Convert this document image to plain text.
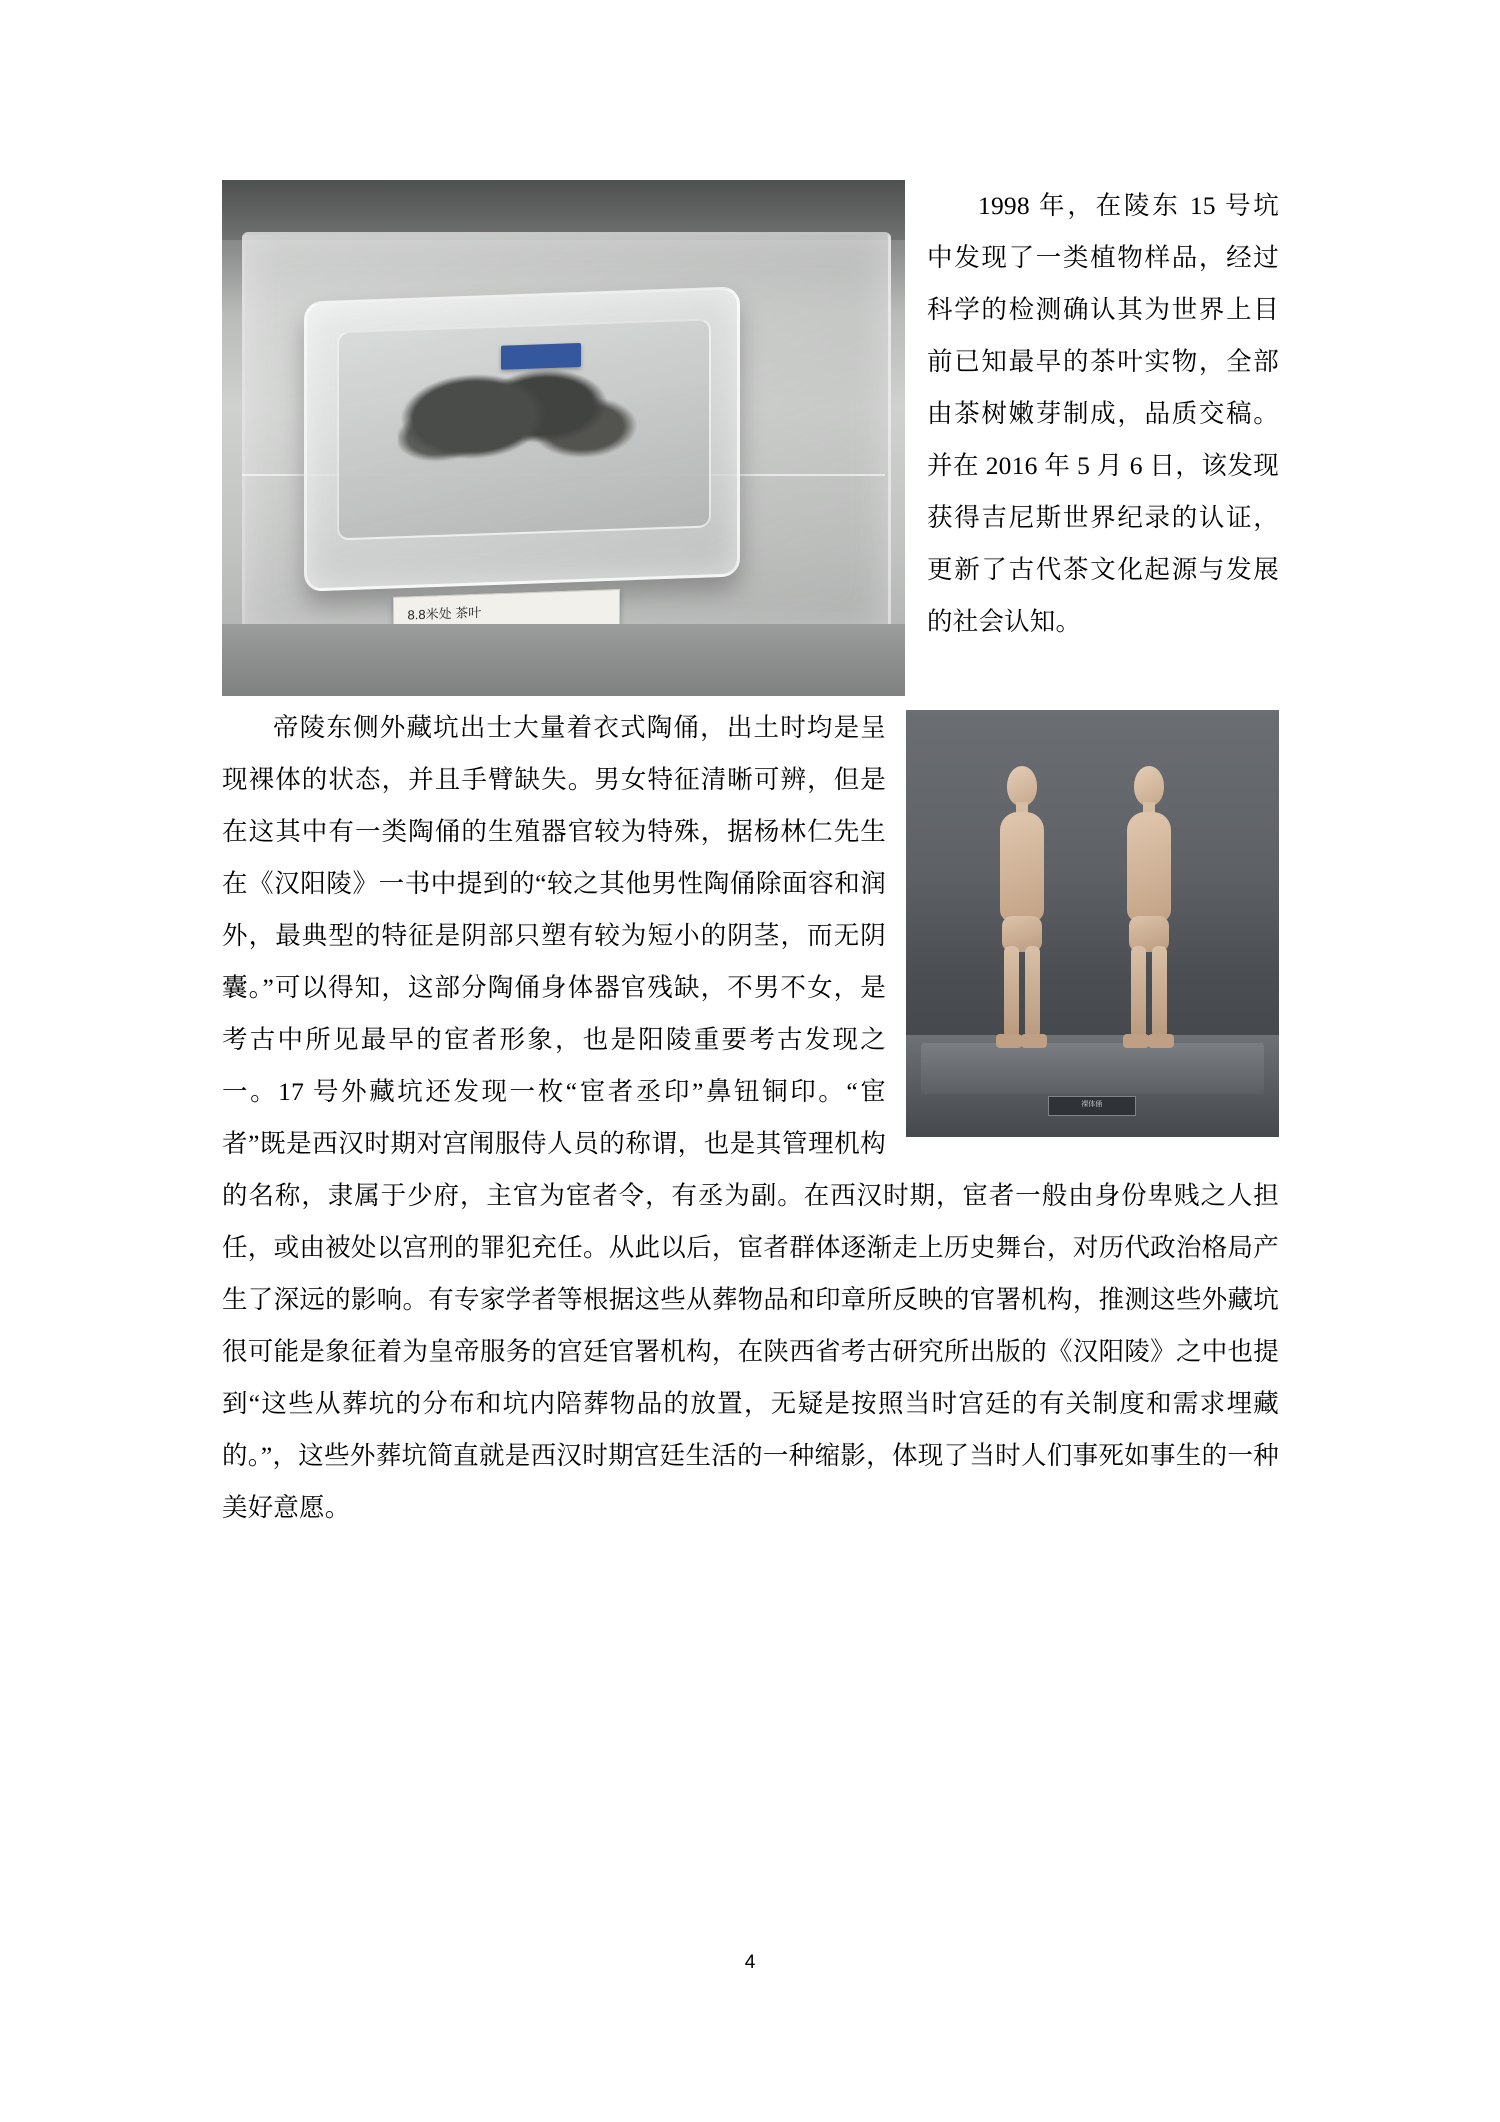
8.8米处 茶叶

1998 年，在陵东 15 号坑中发现了一类植物样品，经过科学的检测确认其为世界上目前已知最早的茶叶实物，全部由茶树嫩芽制成，品质交稿。并在 2016 年 5 月 6 日，该发现获得吉尼斯世界纪录的认证，更新了古代茶文化起源与发展的社会认知。

裸体俑

帝陵东侧外藏坑出士大量着衣式陶俑，出土时均是呈现裸体的状态，并且手臂缺失。男女特征清晰可辨，但是在这其中有一类陶俑的生殖器官较为特殊，据杨林仁先生在《汉阳陵》一书中提到的“较之其他男性陶俑除面容和润外，最典型的特征是阴部只塑有较为短小的阴茎，而无阴囊。”可以得知，这部分陶俑身体器官残缺，不男不女，是考古中所见最早的宦者形象，也是阳陵重要考古发现之一。17 号外藏坑还发现一枚“宦者丞印”鼻钮铜印。“宦者”既是西汉时期对宫闱服侍人员的称谓，也是其管理机构的名称，隶属于少府，主官为宦者令，有丞为副。在西汉时期，宦者一般由身份卑贱之人担任，或由被处以宫刑的罪犯充任。从此以后，宦者群体逐渐走上历史舞台，对历代政治格局产生了深远的影响。有专家学者等根据这些从葬物品和印章所反映的官署机构，推测这些外藏坑很可能是象征着为皇帝服务的宫廷官署机构，在陕西省考古研究所出版的《汉阳陵》之中也提到“这些从葬坑的分布和坑内陪葬物品的放置，无疑是按照当时宫廷的有关制度和需求埋藏的。”，这些外葬坑简直就是西汉时期宫廷生活的一种缩影，体现了当时人们事死如事生的一种美好意愿。

4
